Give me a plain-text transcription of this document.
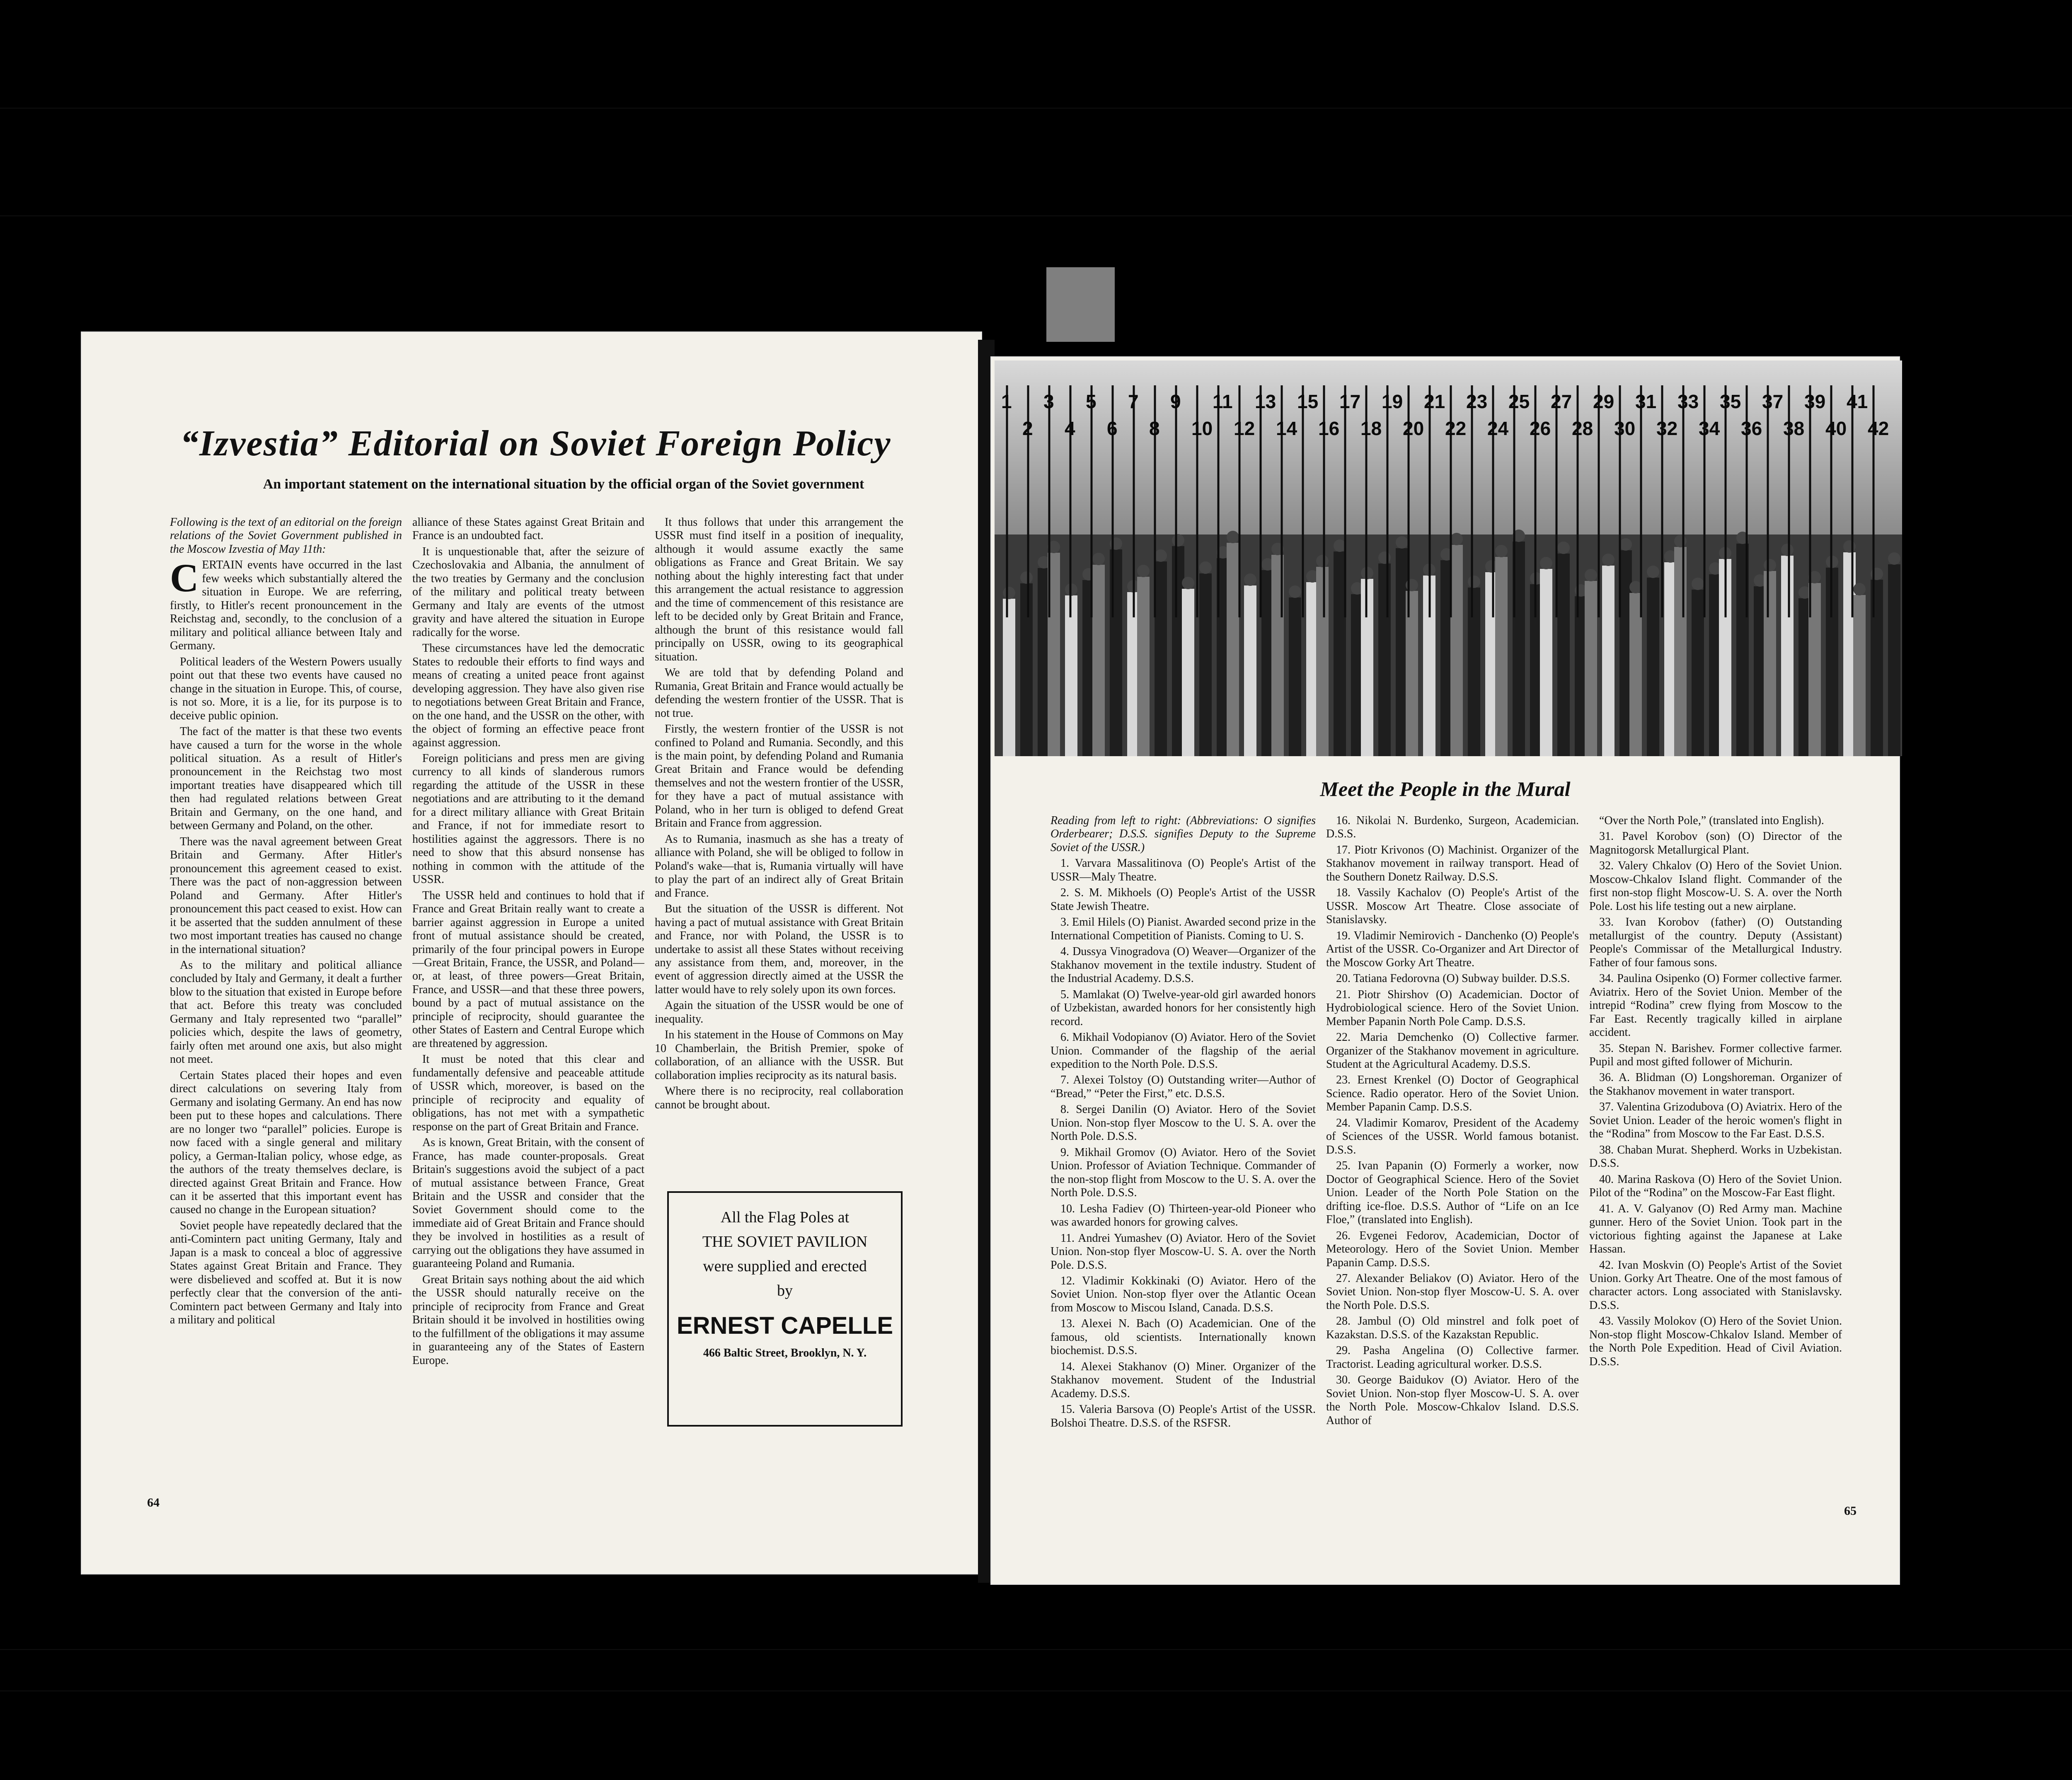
“Izvestia” Editorial on Soviet Foreign Policy
An important statement on the international situation by the official organ of the Soviet government

Following is the text of an editorial on the foreign relations of the Soviet Government published in the Moscow Izvestia of May 11th:

C ERTAIN events have occurred in the last few weeks which substantially altered the situation in Europe. We are referring, firstly, to Hitler's recent pronouncement in the Reichstag and, secondly, to the conclusion of a military and political alliance between Italy and Germany.

Political leaders of the Western Powers usually point out that these two events have caused no change in the situation in Europe. This, of course, is not so. More, it is a lie, for its purpose is to deceive public opinion.

The fact of the matter is that these two events have caused a turn for the worse in the whole political situation. As a result of Hitler's pronouncement in the Reichstag two most important treaties have disappeared which till then had regulated relations between Great Britain and Germany, on the one hand, and between Germany and Poland, on the other.

There was the naval agreement between Great Britain and Germany. After Hitler's pronouncement this agreement ceased to exist. There was the pact of non-aggression between Poland and Germany. After Hitler's pronouncement this pact ceased to exist. How can it be asserted that the sudden annulment of these two most important treaties has caused no change in the international situation?

As to the military and political alliance concluded by Italy and Germany, it dealt a further blow to the situation that existed in Europe before that act. Before this treaty was concluded Germany and Italy represented two “parallel” policies which, despite the laws of geometry, fairly often met around one axis, but also might not meet.

Certain States placed their hopes and even direct calculations on severing Italy from Germany and isolating Germany. An end has now been put to these hopes and calculations. There are no longer two “parallel” policies. Europe is now faced with a single general and military policy, a German-Italian policy, whose edge, as the authors of the treaty themselves declare, is directed against Great Britain and France. How can it be asserted that this important event has caused no change in the European situation?

Soviet people have repeatedly declared that the anti-Comintern pact uniting Germany, Italy and Japan is a mask to conceal a bloc of aggressive States against Great Britain and France. They were disbelieved and scoffed at. But it is now perfectly clear that the conversion of the anti-Comintern pact between Germany and Italy into a military and political

alliance of these States against Great Britain and France is an undoubted fact.

It is unquestionable that, after the seizure of Czechoslovakia and Albania, the annulment of the two treaties by Germany and the conclusion of the military and political treaty between Germany and Italy are events of the utmost gravity and have altered the situation in Europe radically for the worse.

These circumstances have led the democratic States to redouble their efforts to find ways and means of creating a united peace front against developing aggression. They have also given rise to negotiations between Great Britain and France, on the one hand, and the USSR on the other, with the object of forming an effective peace front against aggression.

Foreign politicians and press men are giving currency to all kinds of slanderous rumors regarding the attitude of the USSR in these negotiations and are attributing to it the demand for a direct military alliance with Great Britain and France, if not for immediate resort to hostilities against the aggressors. There is no need to show that this absurd nonsense has nothing in common with the attitude of the USSR.

The USSR held and continues to hold that if France and Great Britain really want to create a barrier against aggression in Europe a united front of mutual assistance should be created, primarily of the four principal powers in Europe—Great Britain, France, the USSR, and Poland—or, at least, of three powers—Great Britain, France, and USSR—and that these three powers, bound by a pact of mutual assistance on the principle of reciprocity, should guarantee the other States of Eastern and Central Europe which are threatened by aggression.

It must be noted that this clear and fundamentally defensive and peaceable attitude of USSR which, moreover, is based on the principle of reciprocity and equality of obligations, has not met with a sympathetic response on the part of Great Britain and France.

As is known, Great Britain, with the consent of France, has made counter-proposals. Great Britain's suggestions avoid the subject of a pact of mutual assistance between France, Great Britain and the USSR and consider that the Soviet Government should come to the immediate aid of Great Britain and France should they be involved in hostilities as a result of carrying out the obligations they have assumed in guaranteeing Poland and Rumania.

Great Britain says nothing about the aid which the USSR should naturally receive on the principle of reciprocity from France and Great Britain should it be involved in hostilities owing to the fulfillment of the obligations it may assume in guaranteeing any of the States of Eastern Europe.

It thus follows that under this arrangement the USSR must find itself in a position of inequality, although it would assume exactly the same obligations as France and Great Britain. We say nothing about the highly interesting fact that under this arrangement the actual resistance to aggression and the time of commencement of this resistance are left to be decided only by Great Britain and France, although the brunt of this resistance would fall principally on USSR, owing to its geographical situation.

We are told that by defending Poland and Rumania, Great Britain and France would actually be defending the western frontier of the USSR. That is not true.

Firstly, the western frontier of the USSR is not confined to Poland and Rumania. Secondly, and this is the main point, by defending Poland and Rumania Great Britain and France would be defending themselves and not the western frontier of the USSR, for they have a pact of mutual assistance with Poland, who in her turn is obliged to defend Great Britain and France from aggression.

As to Rumania, inasmuch as she has a treaty of alliance with Poland, she will be obliged to follow in Poland's wake—that is, Rumania virtually will have to play the part of an indirect ally of Great Britain and France.

But the situation of the USSR is different. Not having a pact of mutual assistance with Great Britain and France, nor with Poland, the USSR is to undertake to assist all these States without receiving any assistance from them, and, moreover, in the event of aggression directly aimed at the USSR the latter would have to rely solely upon its own forces.

Again the situation of the USSR would be one of inequality.

In his statement in the House of Commons on May 10 Chamberlain, the British Premier, spoke of collaboration, of an alliance with the USSR. But collaboration implies reciprocity as its natural basis.

Where there is no reciprocity, real collaboration cannot be brought about.

All the Flag Poles at
THE SOVIET PAVILION
were supplied and erected
by
ERNEST CAPELLE
466 Baltic Street, Brooklyn, N. Y.
64
1
2
3
4
5
6
7
8
9
10
11
12
13
14
15
16
17
18
19
20
21
22
23
24
25
26
27
28
29
30
31
32
33
34
35
36
37
38
39
40
41
42
Meet the People in the Mural

Reading from left to right: (Abbreviations: O signifies Orderbearer; D.S.S. signifies Deputy to the Supreme Soviet of the USSR.)

1. Varvara Massalitinova (O) People's Artist of the USSR—Maly Theatre.

2. S. M. Mikhoels (O) People's Artist of the USSR State Jewish Theatre.

3. Emil Hilels (O) Pianist. Awarded second prize in the International Competition of Pianists. Coming to U. S.

4. Dussya Vinogradova (O) Weaver—Organizer of the Stakhanov movement in the textile industry. Student of the Industrial Academy. D.S.S.

5. Mamlakat (O) Twelve-year-old girl awarded honors of Uzbekistan, awarded honors for her consistently high record.

6. Mikhail Vodopianov (O) Aviator. Hero of the Soviet Union. Commander of the flagship of the aerial expedition to the North Pole. D.S.S.

7. Alexei Tolstoy (O) Outstanding writer—Author of “Bread,” “Peter the First,” etc. D.S.S.

8. Sergei Danilin (O) Aviator. Hero of the Soviet Union. Non-stop flyer Moscow to the U. S. A. over the North Pole. D.S.S.

9. Mikhail Gromov (O) Aviator. Hero of the Soviet Union. Professor of Aviation Technique. Commander of the non-stop flight from Moscow to the U. S. A. over the North Pole. D.S.S.

10. Lesha Fadiev (O) Thirteen-year-old Pioneer who was awarded honors for growing calves.

11. Andrei Yumashev (O) Aviator. Hero of the Soviet Union. Non-stop flyer Moscow-U. S. A. over the North Pole. D.S.S.

12. Vladimir Kokkinaki (O) Aviator. Hero of the Soviet Union. Non-stop flyer over the Atlantic Ocean from Moscow to Miscou Island, Canada. D.S.S.

13. Alexei N. Bach (O) Academician. One of the famous, old scientists. Internationally known biochemist. D.S.S.

14. Alexei Stakhanov (O) Miner. Organizer of the Stakhanov movement. Student of the Industrial Academy. D.S.S.

15. Valeria Barsova (O) People's Artist of the USSR. Bolshoi Theatre. D.S.S. of the RSFSR.

16. Nikolai N. Burdenko, Surgeon, Academician. D.S.S.

17. Piotr Krivonos (O) Machinist. Organizer of the Stakhanov movement in railway transport. Head of the Southern Donetz Railway. D.S.S.

18. Vassily Kachalov (O) People's Artist of the USSR. Moscow Art Theatre. Close associate of Stanislavsky.

19. Vladimir Nemirovich - Danchenko (O) People's Artist of the USSR. Co-Organizer and Art Director of the Moscow Gorky Art Theatre.

20. Tatiana Fedorovna (O) Subway builder. D.S.S.

21. Piotr Shirshov (O) Academician. Doctor of Hydrobiological science. Hero of the Soviet Union. Member Papanin North Pole Camp. D.S.S.

22. Maria Demchenko (O) Collective farmer. Organizer of the Stakhanov movement in agriculture. Student at the Agricultural Academy. D.S.S.

23. Ernest Krenkel (O) Doctor of Geographical Science. Radio operator. Hero of the Soviet Union. Member Papanin Camp. D.S.S.

24. Vladimir Komarov, President of the Academy of Sciences of the USSR. World famous botanist. D.S.S.

25. Ivan Papanin (O) Formerly a worker, now Doctor of Geographical Science. Hero of the Soviet Union. Leader of the North Pole Station on the drifting ice-floe. D.S.S. Author of “Life on an Ice Floe,” (translated into English).

26. Evgenei Fedorov, Academician, Doctor of Meteorology. Hero of the Soviet Union. Member Papanin Camp. D.S.S.

27. Alexander Beliakov (O) Aviator. Hero of the Soviet Union. Non-stop flyer Moscow-U. S. A. over the North Pole. D.S.S.

28. Jambul (O) Old minstrel and folk poet of Kazakstan. D.S.S. of the Kazakstan Republic.

29. Pasha Angelina (O) Collective farmer. Tractorist. Leading agricultural worker. D.S.S.

30. George Baidukov (O) Aviator. Hero of the Soviet Union. Non-stop flyer Moscow-U. S. A. over the North Pole. Moscow-Chkalov Island. D.S.S. Author of

“Over the North Pole,” (translated into English).

31. Pavel Korobov (son) (O) Director of the Magnitogorsk Metallurgical Plant.

32. Valery Chkalov (O) Hero of the Soviet Union. Moscow-Chkalov Island flight. Commander of the first non-stop flight Moscow-U. S. A. over the North Pole. Lost his life testing out a new airplane.

33. Ivan Korobov (father) (O) Outstanding metallurgist of the country. Deputy (Assistant) People's Commissar of the Metallurgical Industry. Father of four famous sons.

34. Paulina Osipenko (O) Former collective farmer. Aviatrix. Hero of the Soviet Union. Member of the intrepid “Rodina” crew flying from Moscow to the Far East. Recently tragically killed in airplane accident.

35. Stepan N. Barishev. Former collective farmer. Pupil and most gifted follower of Michurin.

36. A. Blidman (O) Longshoreman. Organizer of the Stakhanov movement in water transport.

37. Valentina Grizodubova (O) Aviatrix. Hero of the Soviet Union. Leader of the heroic women's flight in the “Rodina” from Moscow to the Far East. D.S.S.

38. Chaban Murat. Shepherd. Works in Uzbekistan. D.S.S.

40. Marina Raskova (O) Hero of the Soviet Union. Pilot of the “Rodina” on the Moscow-Far East flight.

41. A. V. Galyanov (O) Red Army man. Machine gunner. Hero of the Soviet Union. Took part in the victorious fighting against the Japanese at Lake Hassan.

42. Ivan Moskvin (O) People's Artist of the Soviet Union. Gorky Art Theatre. One of the most famous of character actors. Long associated with Stanislavsky. D.S.S.

43. Vassily Molokov (O) Hero of the Soviet Union. Non-stop flight Moscow-Chkalov Island. Member of the North Pole Expedition. Head of Civil Aviation. D.S.S.

65
